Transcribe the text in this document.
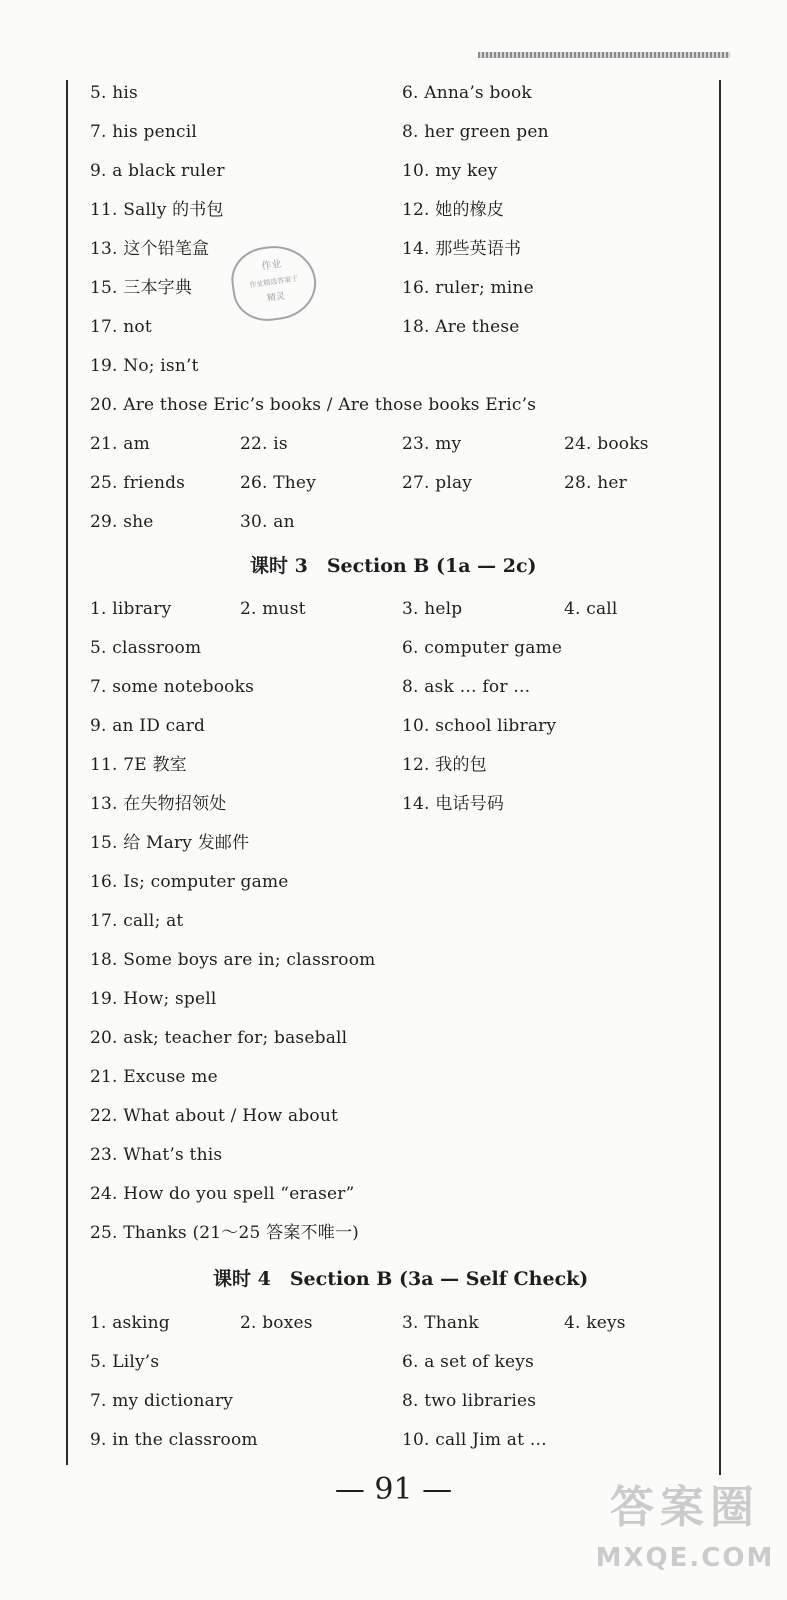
5. his	6. Anna’s book
7. his pencil	8. her green pen
9. a black ruler	10. my key
11. Sally 的书包	12. 她的橡皮
13. 这个铅笔盒	14. 那些英语书
15. 三本字典	16. ruler; mine
17. not	18. Are these
19. No; isn’t
20. Are those Eric’s books / Are those books Eric’s
21. am	22. is	23. my	24. books
25. friends	26. They	27. play	28. her
29. she	30. an
课时 3　Section B (1a — 2c)
1. library	2. must	3. help	4. call
5. classroom	6. computer game
7. some notebooks	8. ask … for …
9. an ID card	10. school library
11. 7E 教室	12. 我的包
13. 在失物招领处	14. 电话号码
15. 给 Mary 发邮件
16. Is; computer game
17. call; at
18. Some boys are in; classroom
19. How; spell
20. ask; teacher for; baseball
21. Excuse me
22. What about / How about
23. What’s this
24. How do you spell “eraser”
25. Thanks (21～25 答案不唯一)
课时 4　Section B (3a — Self Check)
1. asking	2. boxes	3. Thank	4. keys
5. Lily’s	6. a set of keys
7. my dictionary	8. two libraries
9. in the classroom	10. call Jim at …
作业
作业精选答案于
精灵
— 91 —	答案圈
MXQE.COM
